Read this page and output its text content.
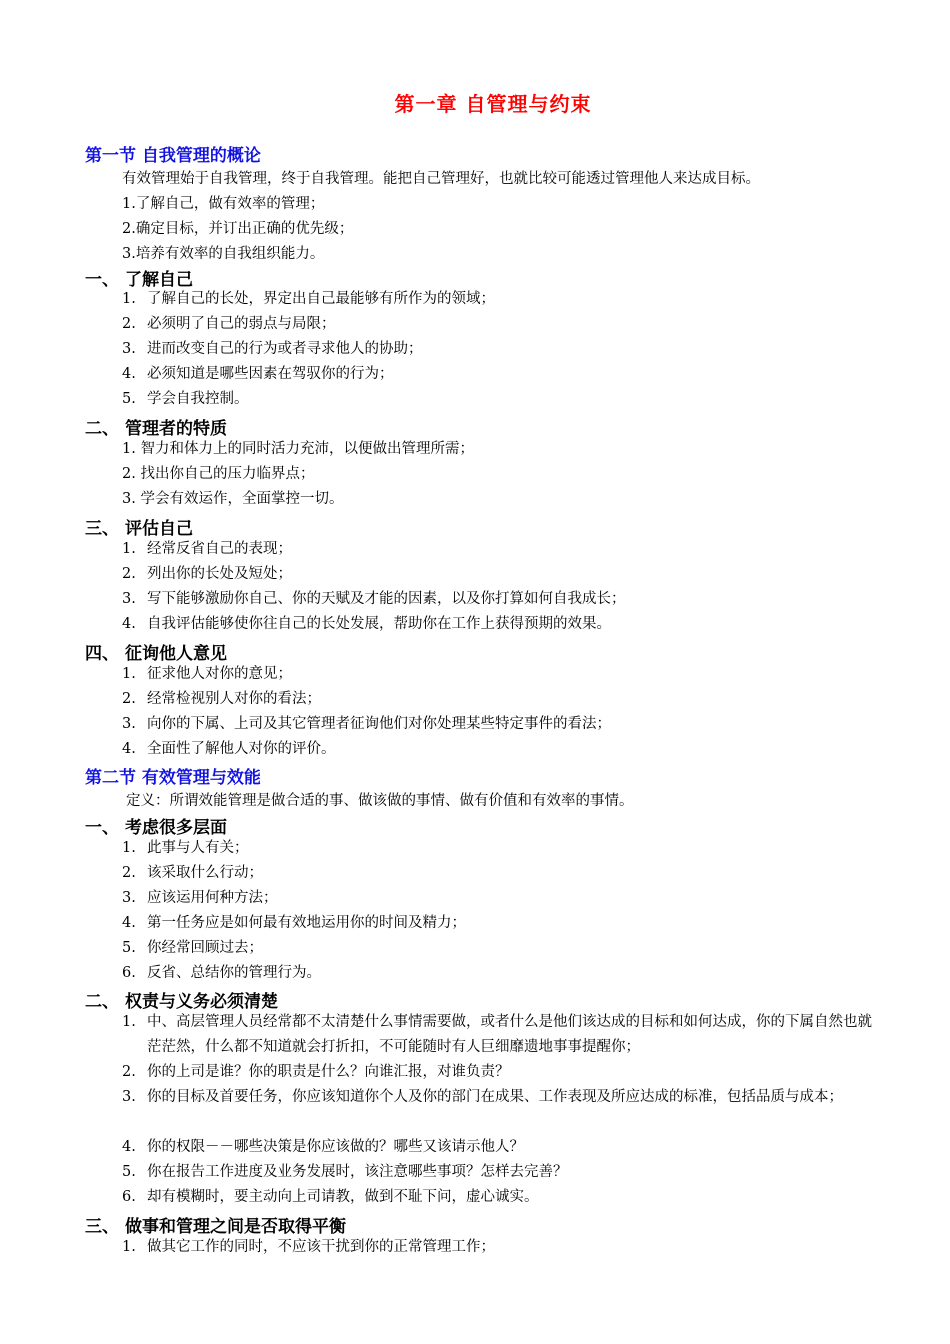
第一章 自管理与约束
第一节 自我管理的概论
有效管理始于自我管理，终于自我管理。能把自己管理好，也就比较可能透过管理他人来达成目标。
1.了解自己，做有效率的管理；
2.确定目标，并订出正确的优先级；
3.培养有效率的自我组织能力。
一、 了解自己
1. 了解自己的长处，界定出自己最能够有所作为的领域；
2. 必须明了自己的弱点与局限；
3. 进而改变自己的行为或者寻求他人的协助；
4. 必须知道是哪些因素在驾驭你的行为；
5. 学会自我控制。
二、 管理者的特质
1. 智力和体力上的同时活力充沛，以便做出管理所需；
2. 找出你自己的压力临界点；
3. 学会有效运作，全面掌控一切。
三、 评估自己
1. 经常反省自己的表现；
2. 列出你的长处及短处；
3. 写下能够激励你自己、你的天赋及才能的因素，以及你打算如何自我成长；
4. 自我评估能够使你往自己的长处发展，帮助你在工作上获得预期的效果。
四、 征询他人意见
1. 征求他人对你的意见；
2. 经常检视别人对你的看法；
3. 向你的下属、上司及其它管理者征询他们对你处理某些特定事件的看法；
4. 全面性了解他人对你的评价。
第二节 有效管理与效能
定义：所谓效能管理是做合适的事、做该做的事情、做有价值和有效率的事情。
一、 考虑很多层面
1. 此事与人有关；
2. 该采取什么行动；
3. 应该运用何种方法；
4. 第一任务应是如何最有效地运用你的时间及精力；
5. 你经常回顾过去；
6. 反省、总结你的管理行为。
二、 权责与义务必须清楚
1. 中、高层管理人员经常都不太清楚什么事情需要做，或者什么是他们该达成的目标和如何达成，你的下属自然也就茫茫然，什么都不知道就会打折扣，不可能随时有人巨细靡遗地事事提醒你；
2. 你的上司是谁？你的职责是什么？向谁汇报，对谁负责？
3. 你的目标及首要任务，你应该知道你个人及你的部门在成果、工作表现及所应达成的标准，包括品质与成本；
4. 你的权限－－哪些决策是你应该做的？哪些又该请示他人？
5. 你在报告工作进度及业务发展时，该注意哪些事项？怎样去完善？
6. 却有模糊时，要主动向上司请教，做到不耻下问，虚心诚实。
三、 做事和管理之间是否取得平衡
1. 做其它工作的同时，不应该干扰到你的正常管理工作；
